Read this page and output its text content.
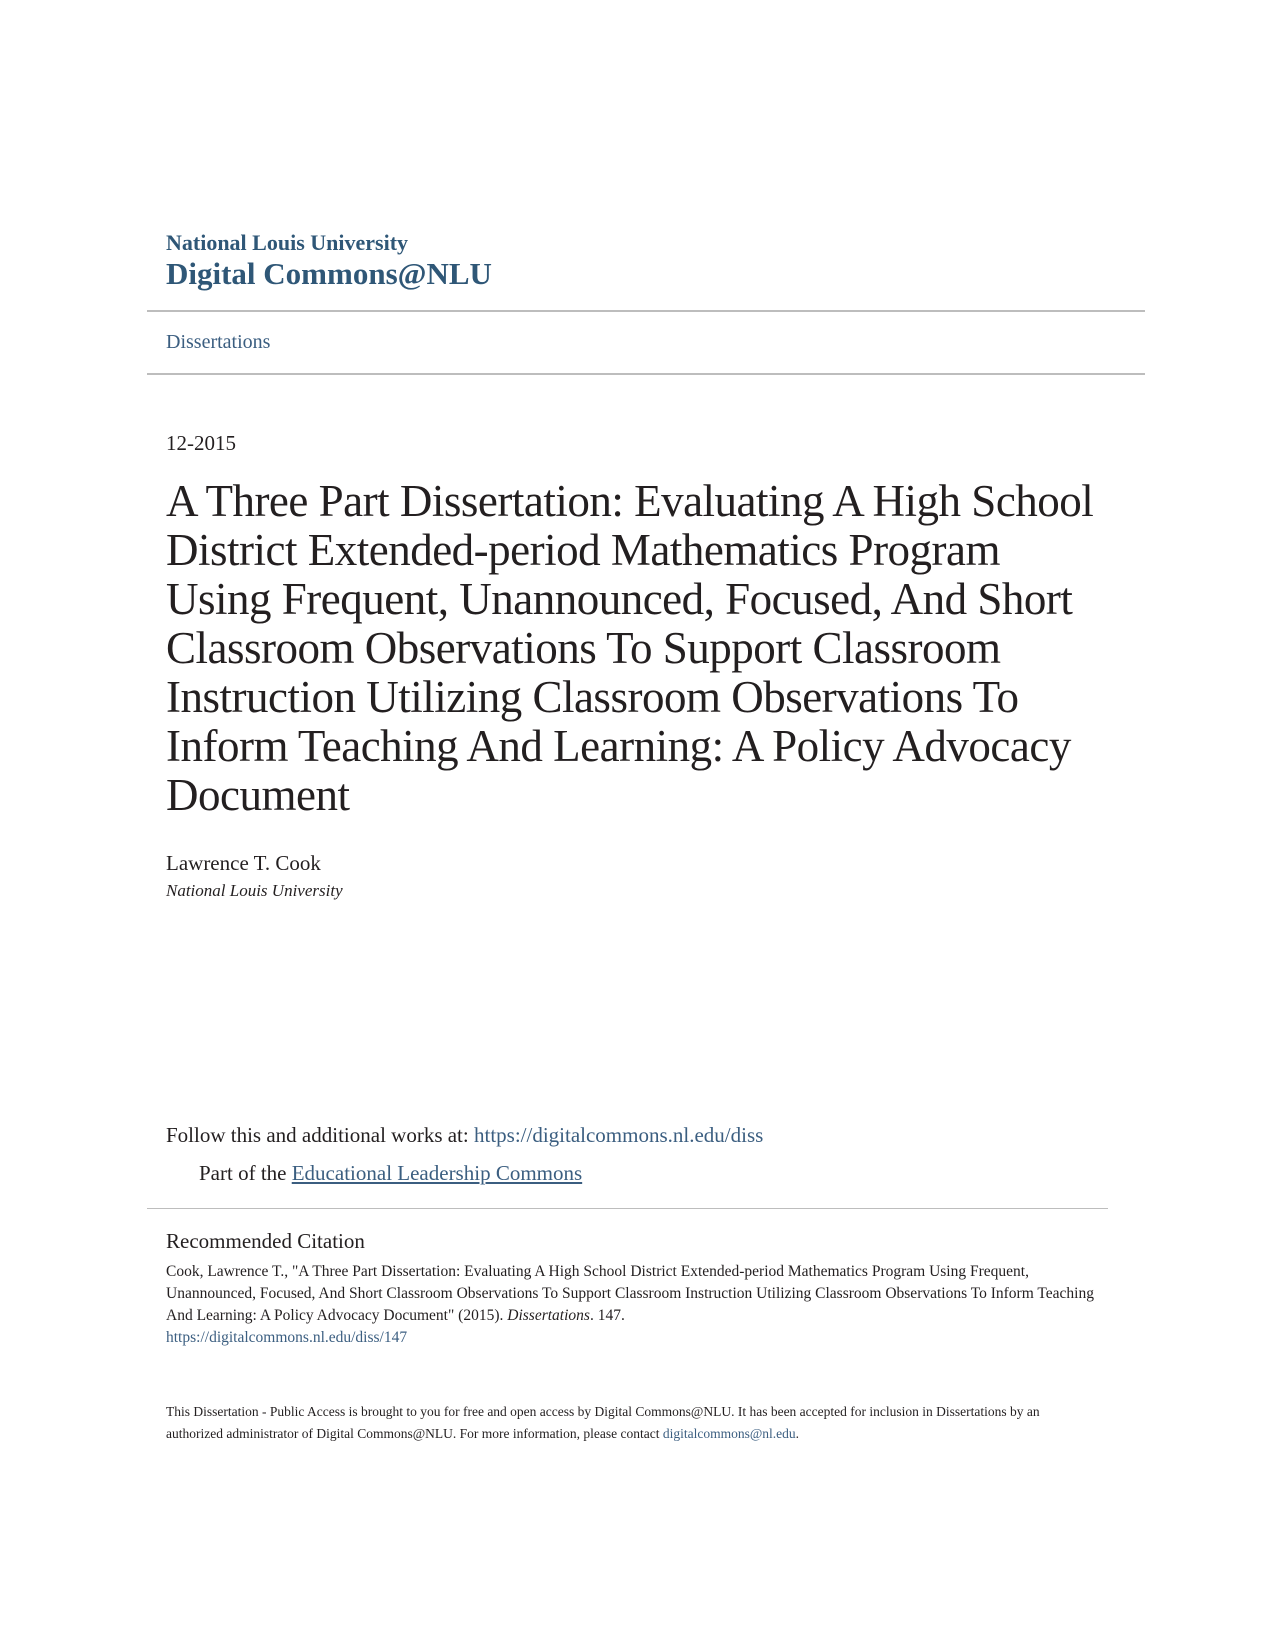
National Louis University
Digital Commons@NLU
Dissertations
12-2015
A Three Part Dissertation: Evaluating A High School District Extended-period Mathematics Program Using Frequent, Unannounced, Focused, And Short Classroom Observations To Support Classroom Instruction Utilizing Classroom Observations To Inform Teaching And Learning: A Policy Advocacy Document
Lawrence T. Cook
National Louis University
Follow this and additional works at: https://digitalcommons.nl.edu/diss
Part of the Educational Leadership Commons
Recommended Citation
Cook, Lawrence T., "A Three Part Dissertation: Evaluating A High School District Extended-period Mathematics Program Using Frequent, Unannounced, Focused, And Short Classroom Observations To Support Classroom Instruction Utilizing Classroom Observations To Inform Teaching And Learning: A Policy Advocacy Document" (2015). Dissertations. 147.
https://digitalcommons.nl.edu/diss/147
This Dissertation - Public Access is brought to you for free and open access by Digital Commons@NLU. It has been accepted for inclusion in Dissertations by an authorized administrator of Digital Commons@NLU. For more information, please contact digitalcommons@nl.edu.
